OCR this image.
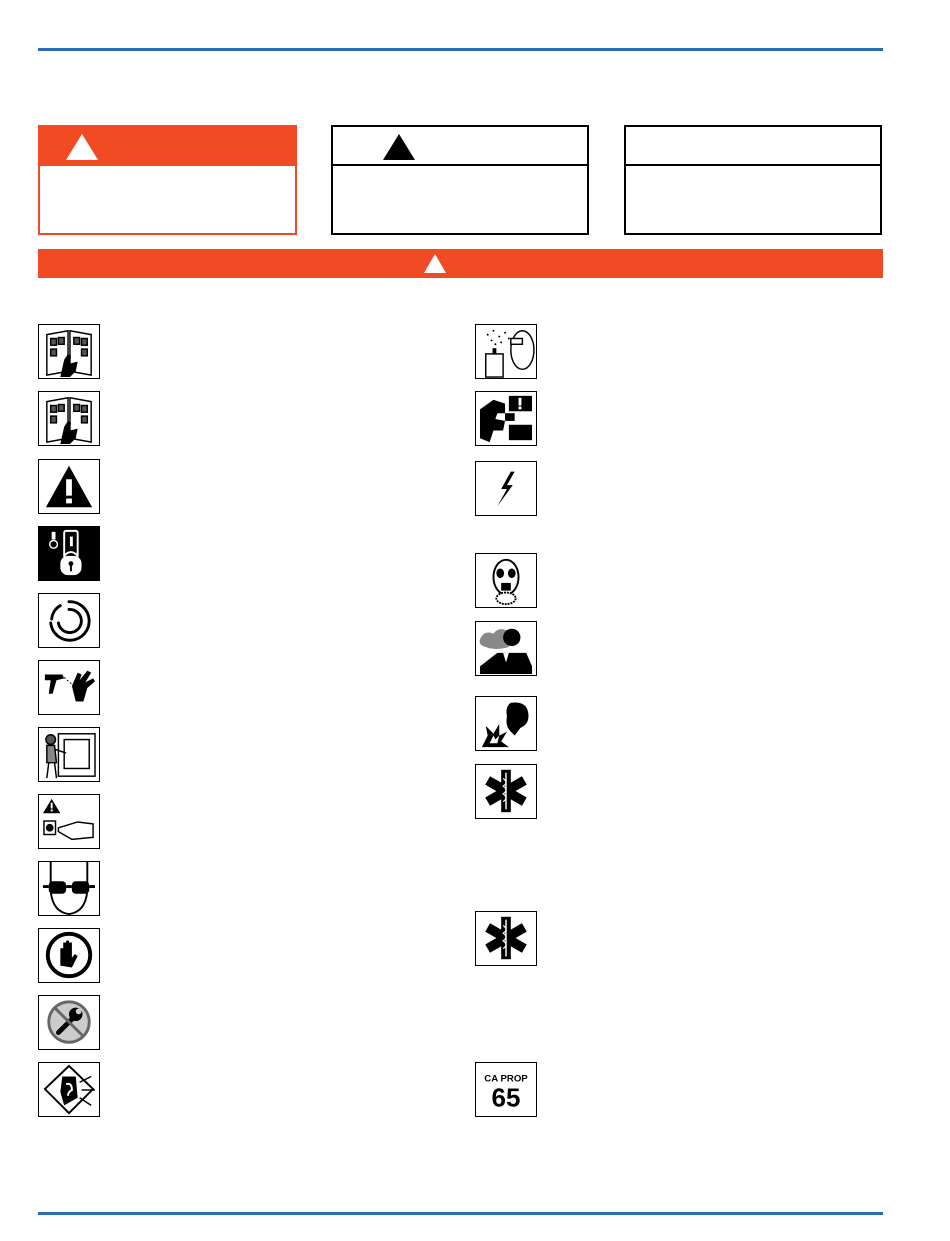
CA PROP
65
